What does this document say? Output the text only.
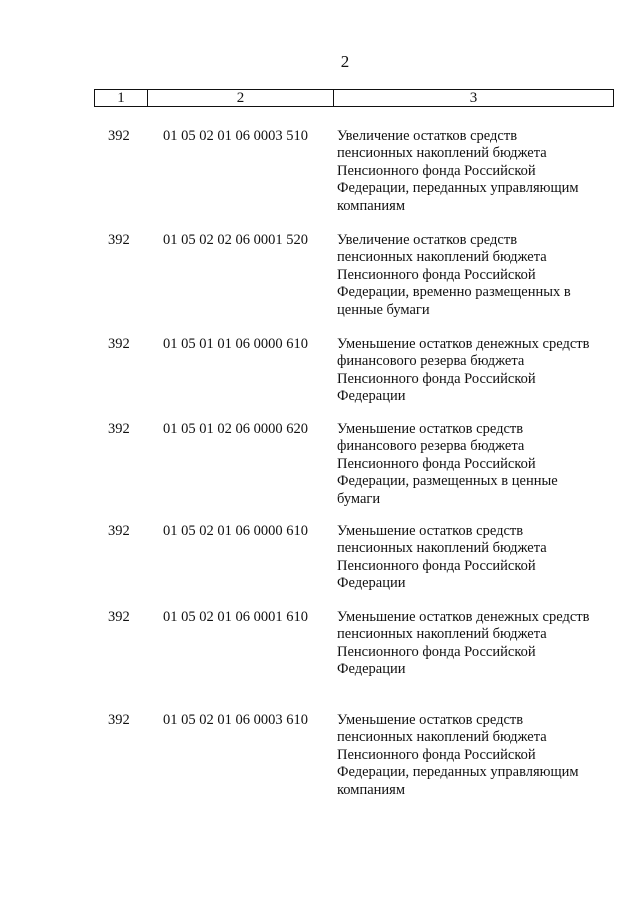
2
1	2	3
392 01 05 02 01 06 0003 510 Увеличение остатков средств
пенсионных накоплений бюджета
Пенсионного фонда Российской
Федерации, переданных управляющим
компаниям
392 01 05 02 02 06 0001 520 Увеличение остатков средств
пенсионных накоплений бюджета
Пенсионного фонда Российской
Федерации, временно размещенных в
ценные бумаги
392 01 05 01 01 06 0000 610 Уменьшение остатков денежных средств
финансового резерва бюджета
Пенсионного фонда Российской
Федерации
392 01 05 01 02 06 0000 620 Уменьшение остатков средств
финансового резерва бюджета
Пенсионного фонда Российской
Федерации, размещенных в ценные
бумаги
392 01 05 02 01 06 0000 610 Уменьшение остатков средств
пенсионных накоплений бюджета
Пенсионного фонда Российской
Федерации
392 01 05 02 01 06 0001 610 Уменьшение остатков денежных средств
пенсионных накоплений бюджета
Пенсионного фонда Российской
Федерации
392 01 05 02 01 06 0003 610 Уменьшение остатков средств
пенсионных накоплений бюджета
Пенсионного фонда Российской
Федерации, переданных управляющим
компаниям
